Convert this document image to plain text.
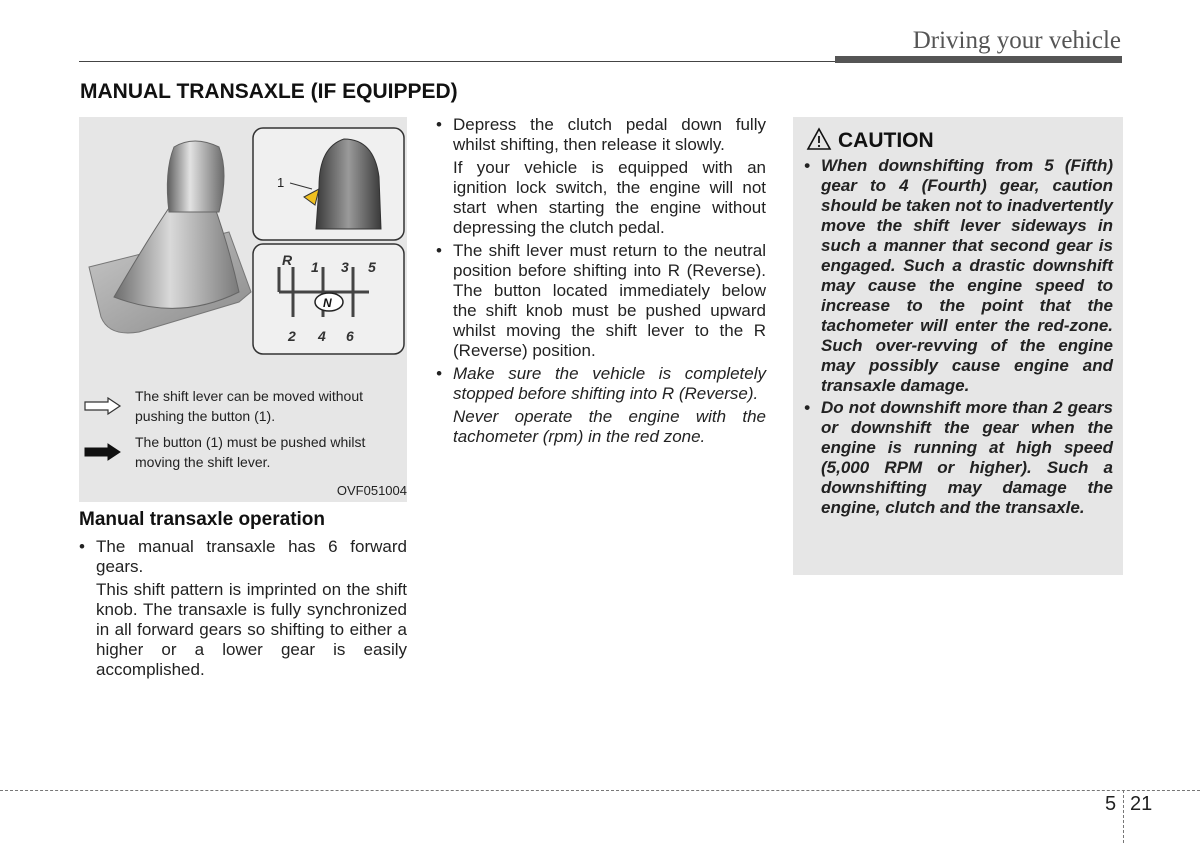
Driving your vehicle
MANUAL TRANSAXLE (IF EQUIPPED)
1
R 1 3 5
N
2 4 6
The shift lever can be moved without pushing the button (1).
The button (1) must be pushed whilst moving the shift lever.
OVF051004
Manual transaxle operation
• The manual transaxle has 6 forward gears.
This shift pattern is imprinted on the shift knob. The transaxle is fully synchronized in all forward gears so shifting to either a higher or a lower gear is easily accomplished.
• Depress the clutch pedal down fully whilst shifting, then release it slowly.
If your vehicle is equipped with an ignition lock switch, the engine will not start when starting the engine without depressing the clutch pedal.
• The shift lever must return to the neutral position before shifting into R (Reverse). The button located immediately below the shift knob must be pushed upward whilst moving the shift lever to the R (Reverse) position.
• Make sure the vehicle is completely stopped before shifting into R (Reverse).
Never operate the engine with the tachometer (rpm) in the red zone.
CAUTION
• When downshifting from 5 (Fifth) gear to 4 (Fourth) gear, caution should be taken not to inadvertently move the shift lever sideways in such a manner that second gear is engaged. Such a drastic downshift may cause the engine speed to increase to the point that the tachometer will enter the red-zone. Such over-revving of the engine may possibly cause engine and transaxle damage.
• Do not downshift more than 2 gears or downshift the gear when the engine is running at high speed (5,000 RPM or higher). Such a downshifting may damage the engine, clutch and the transaxle.
5 21
